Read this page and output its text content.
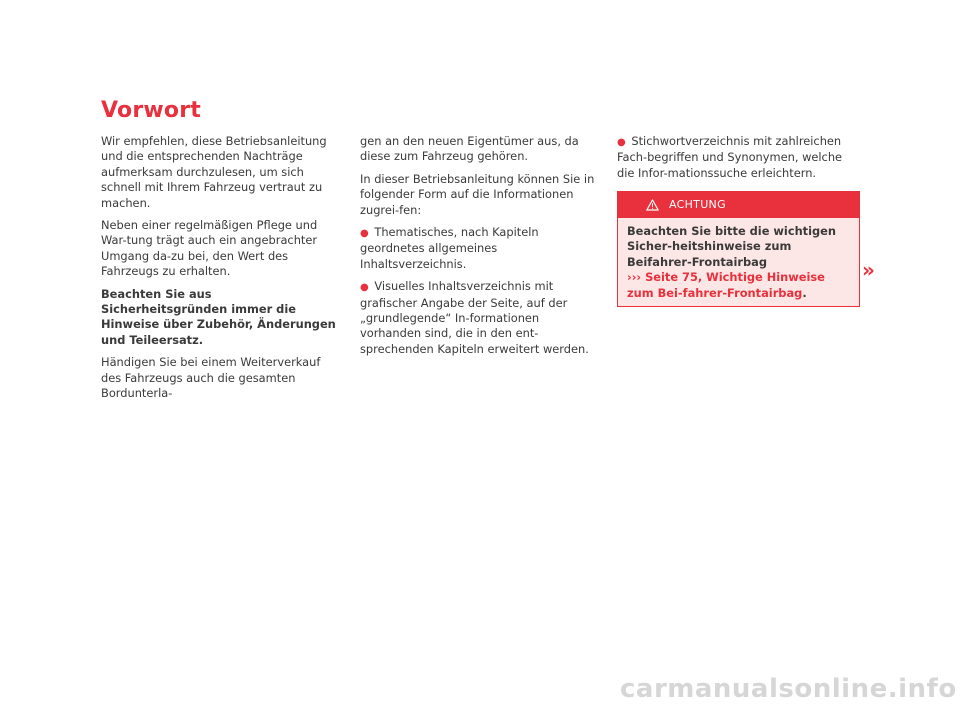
Vorwort

Wir empfehlen, diese Betriebsanleitung und die entsprechenden Nachträge aufmerksam durchzulesen, um sich schnell mit Ihrem Fahrzeug vertraut zu machen.

Neben einer regelmäßigen Pflege und War-tung trägt auch ein angebrachter Umgang da-zu bei, den Wert des Fahrzeugs zu erhalten.

Beachten Sie aus Sicherheitsgründen immer die Hinweise über Zubehör, Änderungen und Teileersatz.

Händigen Sie bei einem Weiterverkauf des Fahrzeugs auch die gesamten Bordunterla-

gen an den neuen Eigentümer aus, da diese zum Fahrzeug gehören.

In dieser Betriebsanleitung können Sie in folgender Form auf die Informationen zugrei-fen:

● Thematisches, nach Kapiteln geordnetes allgemeines Inhaltsverzeichnis.

● Visuelles Inhaltsverzeichnis mit grafischer Angabe der Seite, auf der „grundlegende“ In-formationen vorhanden sind, die in den ent-sprechenden Kapiteln erweitert werden.

● Stichwortverzeichnis mit zahlreichen Fach-begriffen und Synonymen, welche die Infor-mationssuche erleichtern.

ACHTUNG
Beachten Sie bitte die wichtigen Sicher-heitshinweise zum Beifahrer-Frontairbag
››› Seite 75, Wichtige Hinweise zum Bei-fahrer-Frontairbag.
»
carmanualsonline.info
